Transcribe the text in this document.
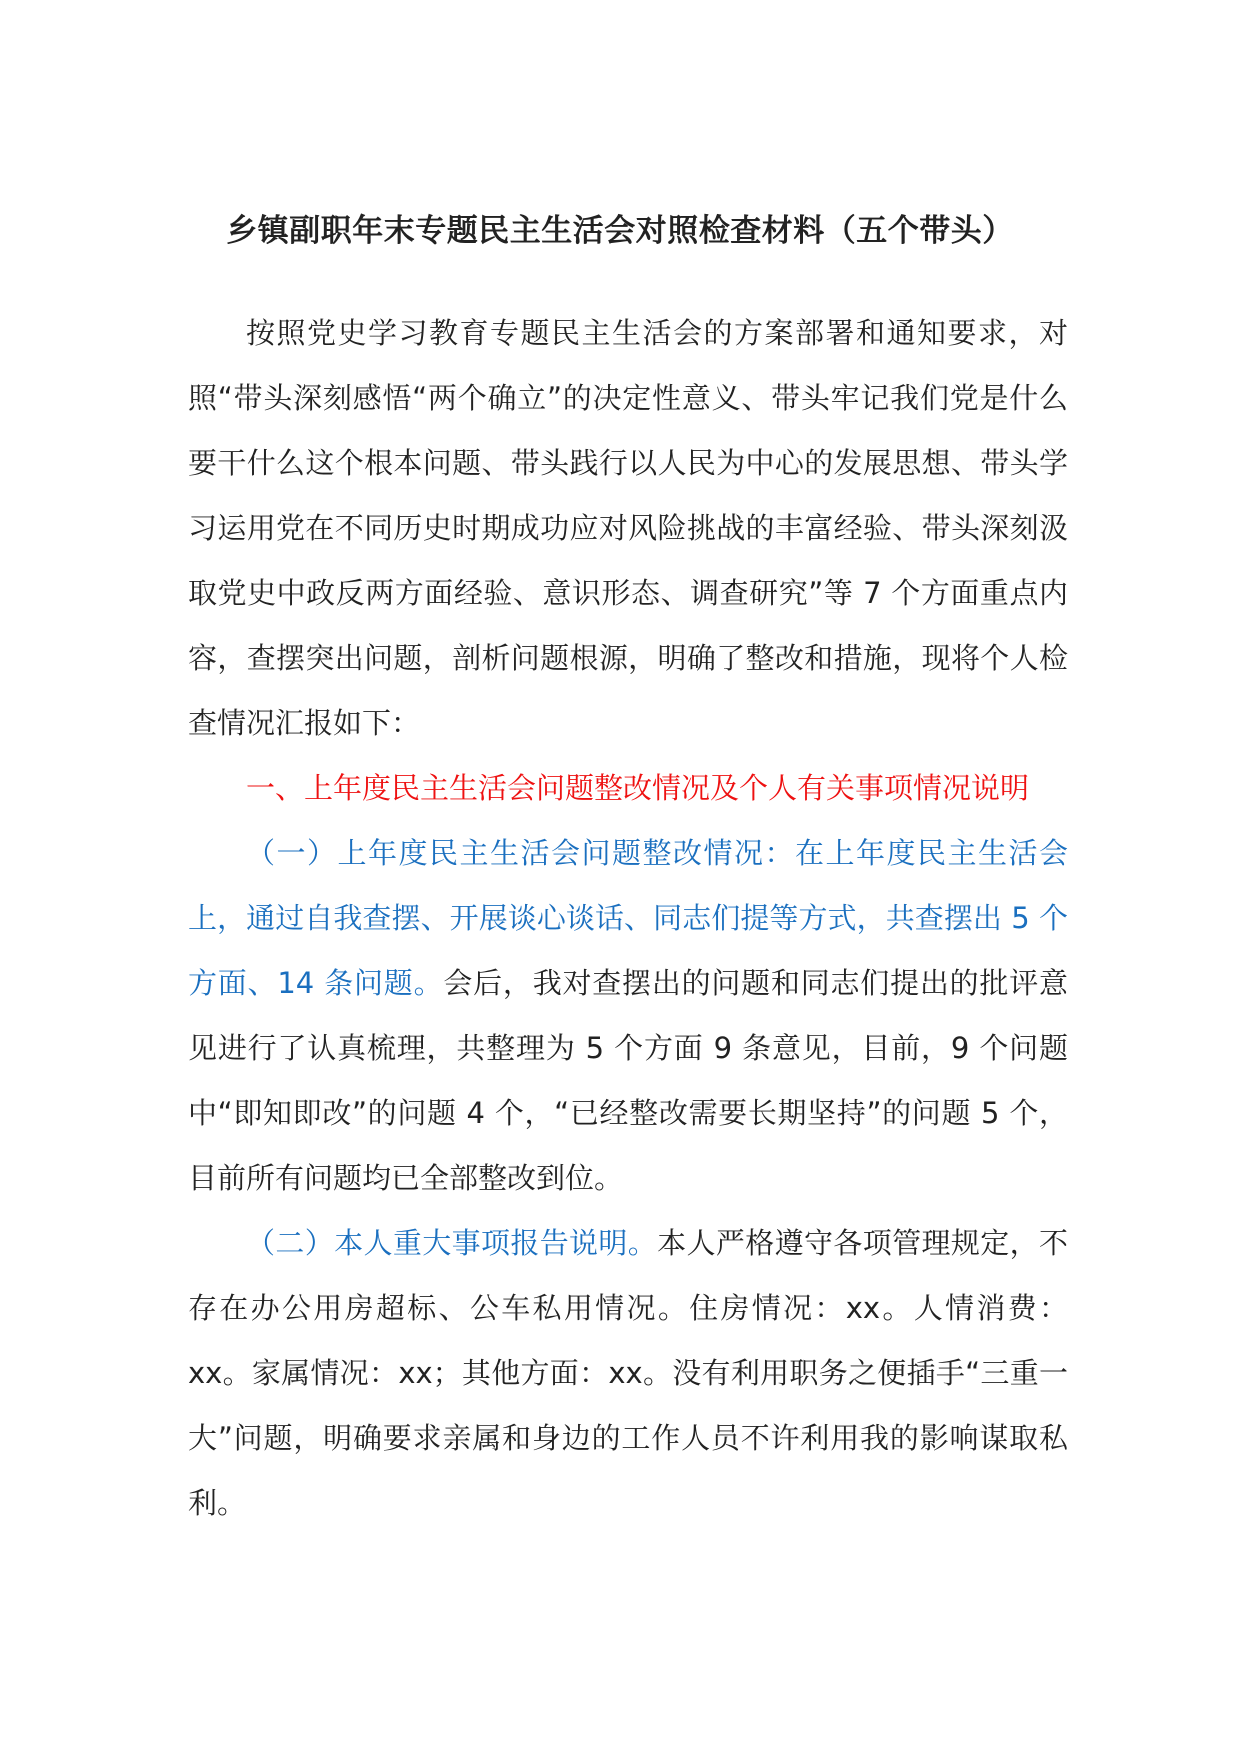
乡镇副职年末专题民主生活会对照检查材料（五个带头）

按照党史学习教育专题民主生活会的方案部署和通知要求，对照“带头深刻感悟“两个确立”的决定性意义、带头牢记我们党是什么要干什么这个根本问题、带头践行以人民为中心的发展思想、带头学习运用党在不同历史时期成功应对风险挑战的丰富经验、带头深刻汲取党史中政反两方面经验、意识形态、调查研究”等 7 个方面重点内容，查摆突出问题，剖析问题根源，明确了整改和措施，现将个人检查情况汇报如下：

一、上年度民主生活会问题整改情况及个人有关事项情况说明

（一）上年度民主生活会问题整改情况：在上年度民主生活会上，通过自我查摆、开展谈心谈话、同志们提等方式，共查摆出 5 个方面、14 条问题。会后，我对查摆出的问题和同志们提出的批评意见进行了认真梳理，共整理为 5 个方面 9 条意见，目前，9 个问题中“即知即改”的问题 4 个，“已经整改需要长期坚持”的问题 5 个，目前所有问题均已全部整改到位。

（二）本人重大事项报告说明。本人严格遵守各项管理规定，不存在办公用房超标、公车私用情况。住房情况：xx。人情消费：xx。家属情况：xx；其他方面：xx。没有利用职务之便插手“三重一大”问题，明确要求亲属和身边的工作人员不许利用我的影响谋取私利。
